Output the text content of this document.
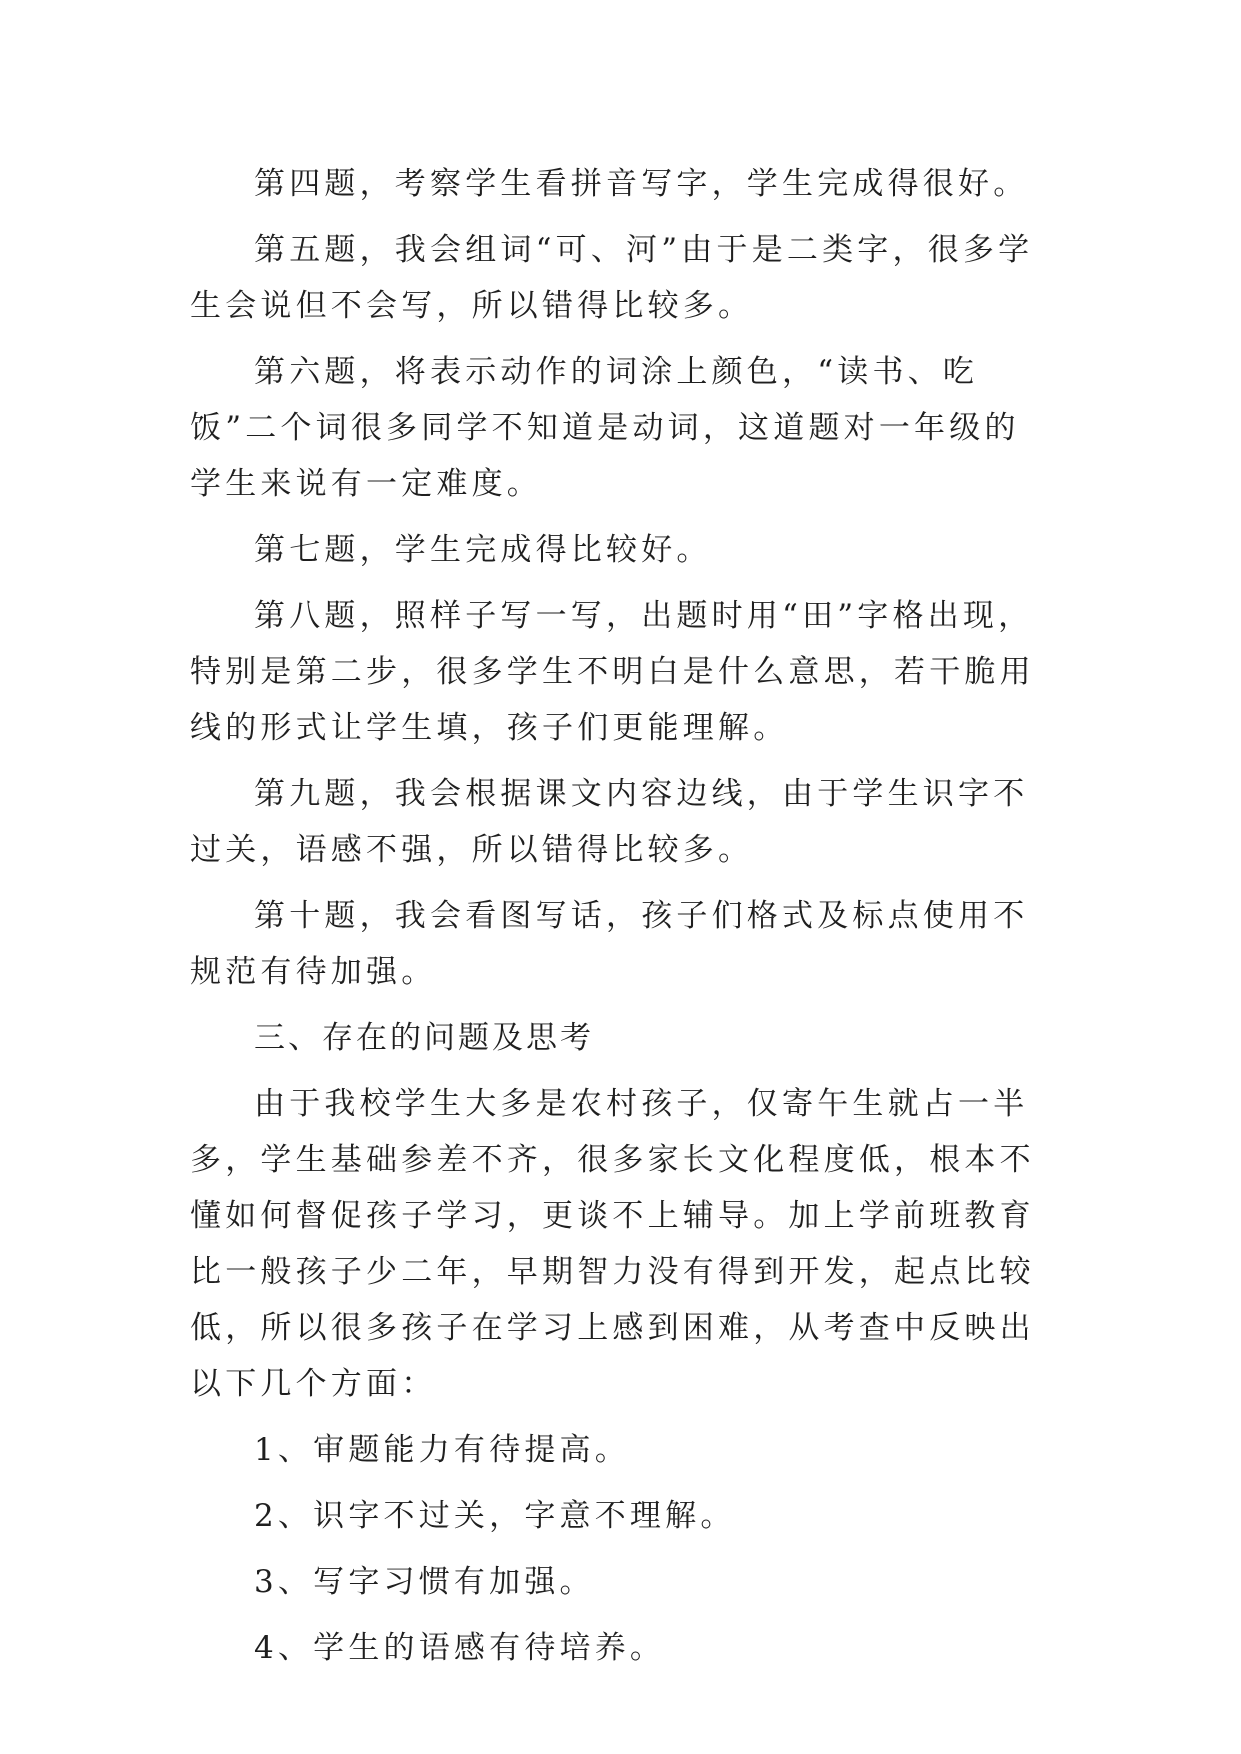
第四题，考察学生看拼音写字，学生完成得很好。

第五题，我会组词“可、河”由于是二类字，很多学生会说但不会写，所以错得比较多。

第六题，将表示动作的词涂上颜色，“读书、吃饭”二个词很多同学不知道是动词，这道题对一年级的学生来说有一定难度。

第七题，学生完成得比较好。

第八题，照样子写一写，出题时用“田”字格出现，特别是第二步，很多学生不明白是什么意思，若干脆用线的形式让学生填，孩子们更能理解。

第九题，我会根据课文内容边线，由于学生识字不过关，语感不强，所以错得比较多。

第十题，我会看图写话，孩子们格式及标点使用不规范有待加强。

三、存在的问题及思考

由于我校学生大多是农村孩子，仅寄午生就占一半多，学生基础参差不齐，很多家长文化程度低，根本不懂如何督促孩子学习，更谈不上辅导。加上学前班教育比一般孩子少二年，早期智力没有得到开发，起点比较低，所以很多孩子在学习上感到困难，从考查中反映出以下几个方面：

1、审题能力有待提高。

2、识字不过关，字意不理解。

3、写字习惯有加强。

4、学生的语感有待培养。
